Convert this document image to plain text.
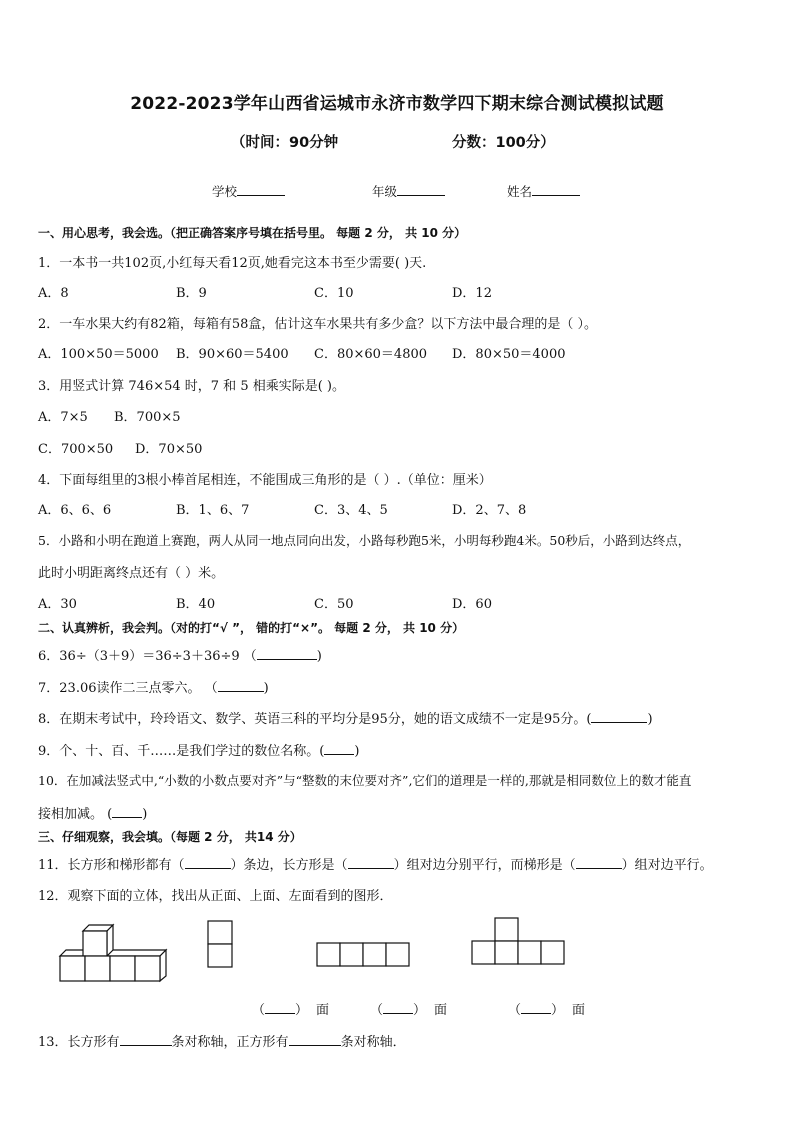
2022-2023学年山西省运城市永济市数学四下期末综合测试模拟试题
（时间：90分钟	分数：100分）
学校	年级	姓名
一、用心思考，我会选。（把正确答案序号填在括号里。 每题 2 分， 共 10 分）
1．一本书一共102页,小红每天看12页,她看完这本书至少需要( )天.
A．8	B．9	C．10	D．12
2．一车水果大约有82箱，每箱有58盒，估计这车水果共有多少盒？以下方法中最合理的是（ ）。
A．100×50＝5000 B．90×60＝5400 C．80×60＝4800 D．80×50＝4000
3．用竖式计算 746×54 时，7 和 5 相乘实际是( )。
A．7×5 B．700×5
C．700×50 D．70×50
4．下面每组里的3根小棒首尾相连，不能围成三角形的是（ ）.（单位：厘米）
A．6、6、6	B．1、6、7	C．3、4、5	D．2、7、8
5．小路和小明在跑道上赛跑，两人从同一地点同向出发，小路每秒跑5米，小明每秒跑4米。50秒后，小路到达终点，
此时小明距离终点还有（ ）米。
A．30	B．40	C．50	D．60
二、认真辨析，我会判。（对的打“√ ”， 错的打“×”。 每题 2 分， 共 10 分）
6．36÷（3＋9）＝36÷3＋36÷9 （	)
7．23.06读作二三点零六。 （	)
8．在期末考试中，玲玲语文、数学、英语三科的平均分是95分，她的语文成绩不一定是95分。(	)
9．个、十、百、千……是我们学过的数位名称。( )
10．在加减法竖式中,“小数的小数点要对齐”与“整数的末位要对齐”,它们的道理是一样的,那就是相同数位上的数才能直
接相加减。 ( )
三、仔细观察，我会填。（每题 2 分， 共14 分）
11．长方形和梯形都有（	）条边，长方形是（	）组对边分别平行，而梯形是（	）组对边平行。
12．观察下面的立体，找出从正面、上面、左面看到的图形．
（ ） 面	（ ） 面	（ ） 面
13．长方形有	条对称轴，正方形有	条对称轴．
